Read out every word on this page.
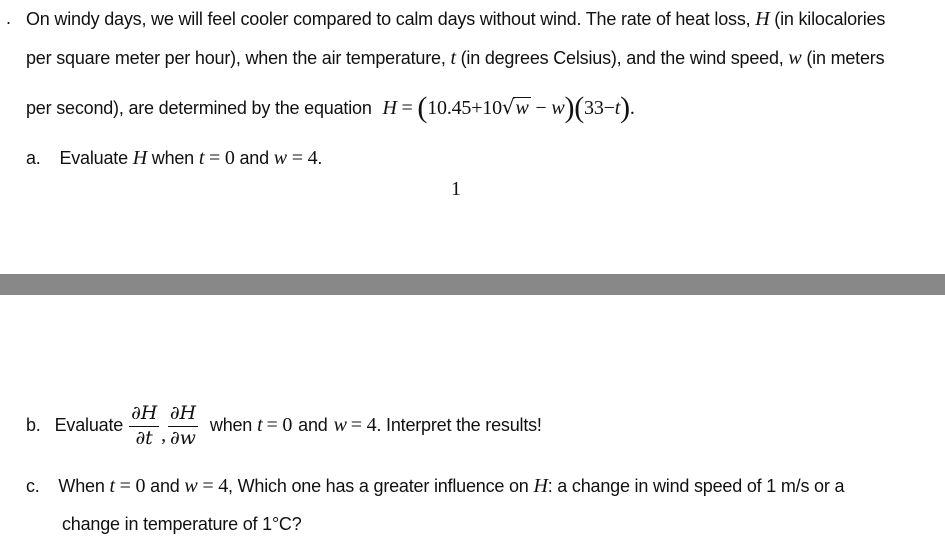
. On windy days, we will feel cooler compared to calm days without wind. The rate of heat loss, H (in kilocalories
per square meter per hour), when the air temperature, t (in degrees Celsius), and the wind speed, w (in meters
per second), are determined by the equation H = (10.45+10√w − w)(33−t).
a. Evaluate H when t = 0 and w = 4.
1
b. Evaluate $\frac{\partial H}{\partial t}$ , $\frac{\partial H}{\partial w}$ when t = 0 and w = 4 . Interpret the results!
c. When t = 0 and w = 4, Which one has a greater influence on H: a change in wind speed of 1 m/s or a
change in temperature of 1°C?
